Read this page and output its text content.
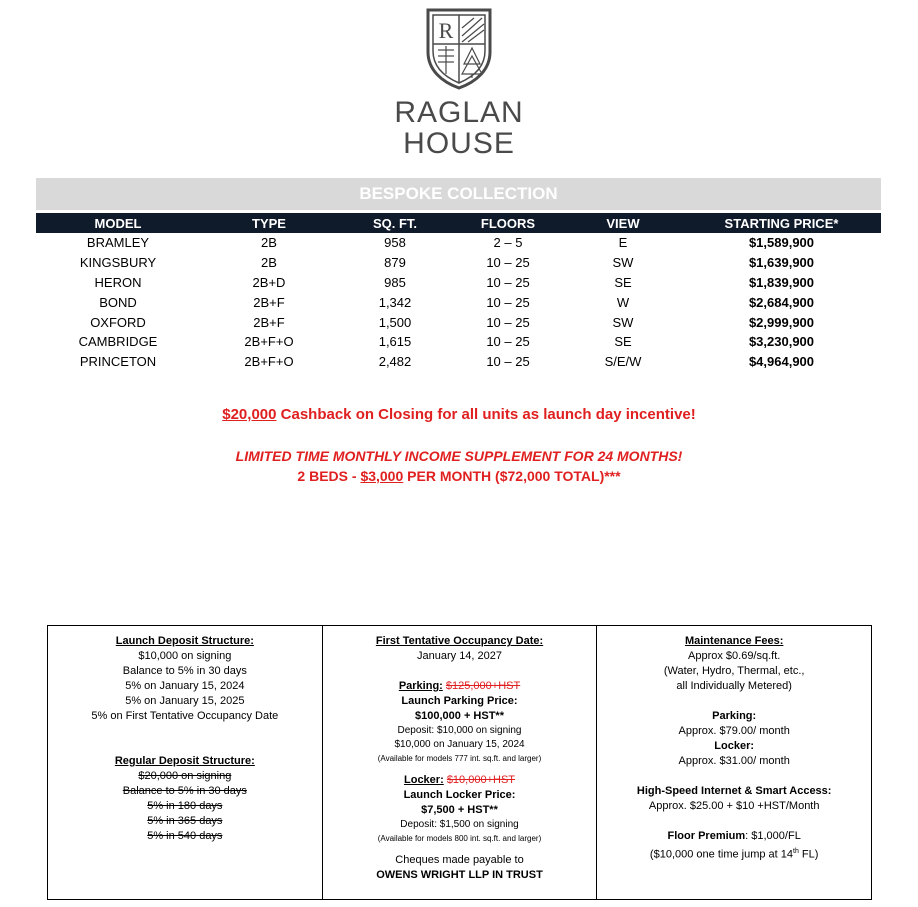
R
RAGLAN
HOUSE
BESPOKE COLLECTION
MODEL	TYPE	SQ. FT.	FLOORS	VIEW	STARTING PRICE*
BRAMLEY	2B	958	2 – 5	E	$1,589,900
KINGSBURY	2B	879	10 – 25	SW	$1,639,900
HERON	2B+D	985	10 – 25	SE	$1,839,900
BOND	2B+F	1,342	10 – 25	W	$2,684,900
OXFORD	2B+F	1,500	10 – 25	SW	$2,999,900
CAMBRIDGE	2B+F+O	1,615	10 – 25	SE	$3,230,900
PRINCETON	2B+F+O	2,482	10 – 25	S/E/W	$4,964,900
$20,000 Cashback on Closing for all units as launch day incentive!
LIMITED TIME MONTHLY INCOME SUPPLEMENT FOR 24 MONTHS!
2 BEDS - $3,000 PER MONTH ($72,000 TOTAL)***
Launch Deposit Structure:
$10,000 on signing
Balance to 5% in 30 days
5% on January 15, 2024
5% on January 15, 2025
5% on First Tentative Occupancy Date
Regular Deposit Structure:
$20,000 on signing
Balance to 5% in 30 days
5% in 180 days
5% in 365 days
5% in 540 days
First Tentative Occupancy Date:
January 14, 2027
Parking: $125,000+HST
Launch Parking Price:
$100,000 + HST**
Deposit: $10,000 on signing
$10,000 on January 15, 2024
(Available for models 777 int. sq.ft. and larger)
Locker: $10,000+HST
Launch Locker Price:
$7,500 + HST**
Deposit: $1,500 on signing
(Available for models 800 int. sq.ft. and larger)
Cheques made payable to
OWENS WRIGHT LLP IN TRUST
Maintenance Fees:
Approx $0.69/sq.ft.
(Water, Hydro, Thermal, etc.,
all Individually Metered)
Parking:
Approx. $79.00/ month
Locker:
Approx. $31.00/ month
High-Speed Internet & Smart Access:
Approx. $25.00 + $10 +HST/Month
Floor Premium: $1,000/FL
($10,000 one time jump at 14th FL)
